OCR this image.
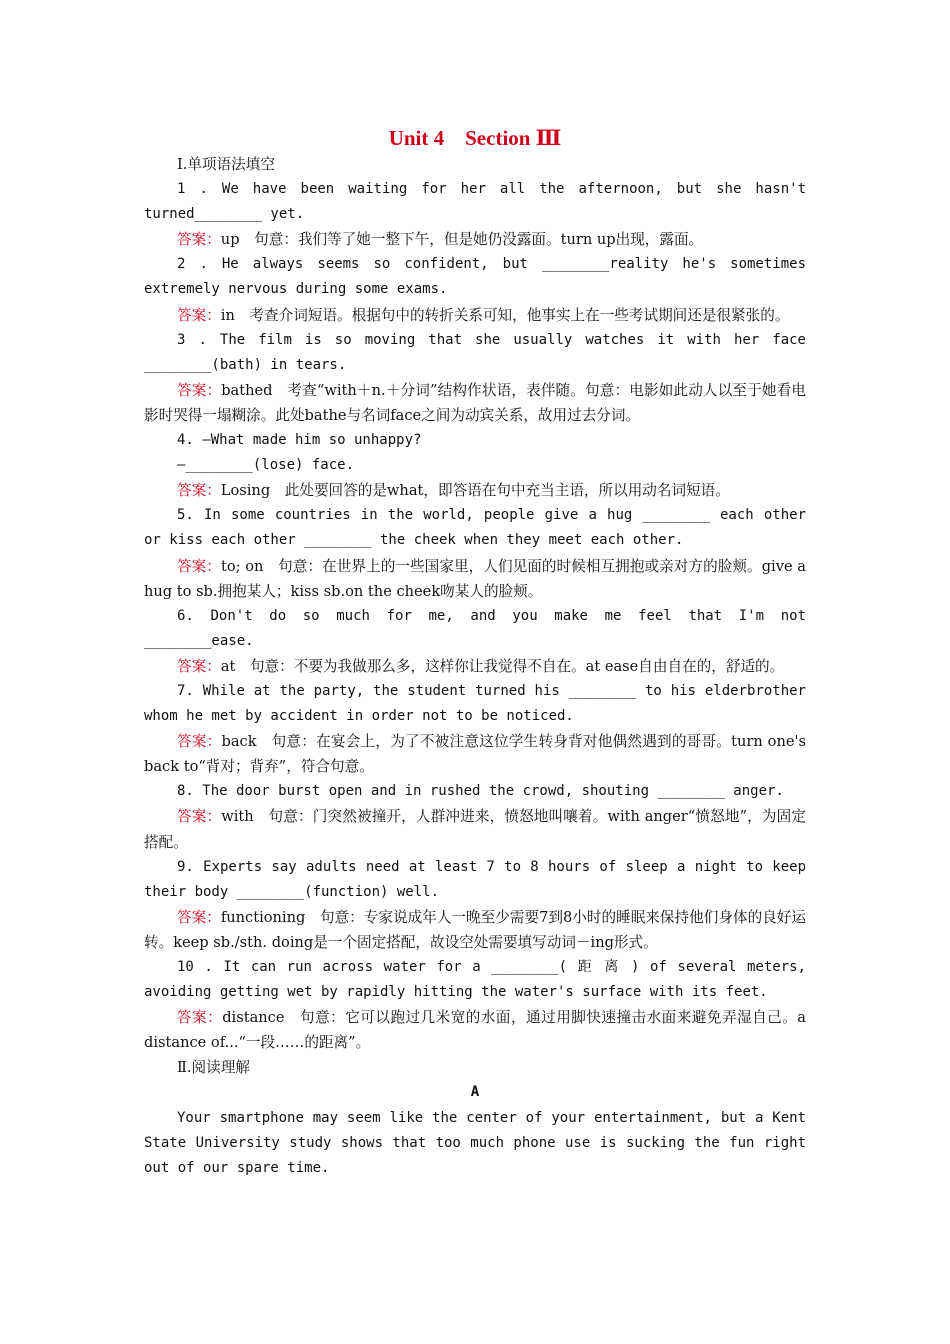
Unit 4　Section Ⅲ
Ⅰ.单项语法填空
1 . We have been waiting for her all the afternoon, but she hasn't turned________ yet.
答案：up　句意：我们等了她一整下午，但是她仍没露面。turn up出现，露面。
2 . He always seems so confident, but ________reality he's sometimes extremely nervous during some exams.
答案：in　考查介词短语。根据句中的转折关系可知，他事实上在一些考试期间还是很紧张的。
3 . The film is so moving that she usually watches it with her face ________(bath) in tears.
答案：bathed　考查“with＋n.＋分词”结构作状语，表伴随。句意：电影如此动人以至于她看电影时哭得一塌糊涂。此处bathe与名词face之间为动宾关系，故用过去分词。
4. —What made him so unhappy?
—________(lose) face.
答案：Losing　此处要回答的是what，即答语在句中充当主语，所以用动名词短语。
5. In some countries in the world, people give a hug ________ each other or kiss each other ________ the cheek when they meet each other.
答案：to; on　句意：在世界上的一些国家里，人们见面的时候相互拥抱或亲对方的脸颊。give a hug to sb.拥抱某人；kiss sb.on the cheek吻某人的脸颊。
6. Don't do so much for me, and you make me feel that I'm not ________ease.
答案：at　句意：不要为我做那么多，这样你让我觉得不自在。at ease自由自在的，舒适的。
7. While at the party, the student turned his ________ to his elderbrother whom he met by accident in order not to be noticed.
答案：back　句意：在宴会上，为了不被注意这位学生转身背对他偶然遇到的哥哥。turn one's back to“背对；背弃”，符合句意。
8. The door burst open and in rushed the crowd, shouting ________ anger.
答案：with　句意：门突然被撞开，人群冲进来，愤怒地叫嚷着。with anger“愤怒地”，为固定搭配。
9. Experts say adults need at least 7 to 8 hours of sleep a night to keep their body ________(function) well.
答案：functioning　句意：专家说成年人一晚至少需要7到8小时的睡眠来保持他们身体的良好运转。keep sb./sth. doing是一个固定搭配，故设空处需要填写动词－ing形式。
10 . It can run across water for a ________( 距 离 ) of several meters, avoiding getting wet by rapidly hitting the water's surface with its feet.
答案：distance　句意：它可以跑过几米宽的水面，通过用脚快速撞击水面来避免弄湿自己。a distance of...“一段……的距离”。
Ⅱ.阅读理解
A
Your smartphone may seem like the center of your entertainment, but a Kent State University study shows that too much phone use is sucking the fun right out of our spare time.
